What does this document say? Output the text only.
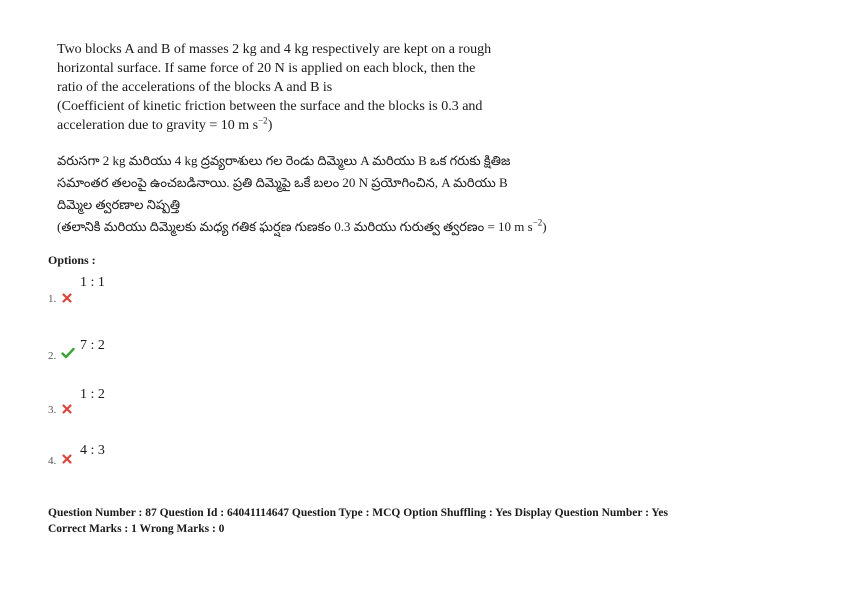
Two blocks A and B of masses 2 kg and 4 kg respectively are kept on a rough

horizontal surface. If same force of 20 N is applied on each block, then the

ratio of the accelerations of the blocks A and B is

(Coefficient of kinetic friction between the surface and the blocks is 0.3 and

acceleration due to gravity = 10 m $s^{-2}$)

వరుసగా 2 kg మరియు 4 kg ద్రవ్యరాశులు గల రెండు దిమ్మెలు A మరియు B ఒక గరుకు క్షితిజ

సమాంతర తలంపై ఉంచబడినాయి. ప్రతి దిమ్మెపై ఒకే బలం 20 N ప్రయోగించిన, A మరియు B

దిమ్మెల త్వరణాల నిష్పత్తి

(తలానికి మరియు దిమ్మెలకు మధ్య గతిక ఘర్షణ గుణకం 0.3 మరియు గురుత్వ త్వరణం = 10 m $s^{-2}$)

Options :
1 : 1
1.
7 : 2
2.
1 : 2
3.
4 : 3
4.
Question Number : 87 Question Id : 64041114647 Question Type : MCQ Option Shuffling : Yes Display Question Number : Yes
Correct Marks : 1 Wrong Marks : 0
